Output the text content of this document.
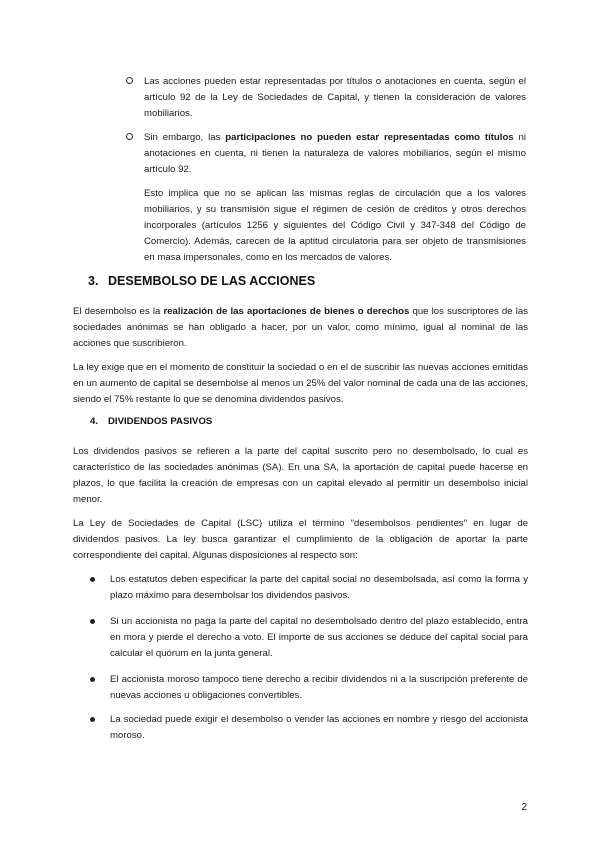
Las acciones pueden estar representadas por títulos o anotaciones en cuenta, según el artículo 92 de la Ley de Sociedades de Capital, y tienen la consideración de valores mobiliarios.

Sin embargo, las participaciones no pueden estar representadas como títulos ni anotaciones en cuenta, ni tienen la naturaleza de valores mobiliarios, según el mismo artículo 92.

Esto implica que no se aplican las mismas reglas de circulación que a los valores mobiliarios, y su transmisión sigue el régimen de cesión de créditos y otros derechos incorporales (artículos 1256 y siguientes del Código Civil y 347-348 del Código de Comercio). Además, carecen de la aptitud circulatoria para ser objeto de transmisiones en masa impersonales, como en los mercados de valores.

3. DESEMBOLSO DE LAS ACCIONES

El desembolso es la realización de las aportaciones de bienes o derechos que los suscriptores de las sociedades anónimas se han obligado a hacer, por un valor, como mínimo, igual al nominal de las acciones que suscribieron.

La ley exige que en el momento de constituir la sociedad o en el de suscribir las nuevas acciones emitidas en un aumento de capital se desembolse al menos un 25% del valor nominal de cada una de las acciones, siendo el 75% restante lo que se denomina dividendos pasivos.

4. DIVIDENDOS PASIVOS

Los dividendos pasivos se refieren a la parte del capital suscrito pero no desembolsado, lo cual es característico de las sociedades anónimas (SA). En una SA, la aportación de capital puede hacerse en plazos, lo que facilita la creación de empresas con un capital elevado al permitir un desembolso inicial menor.

La Ley de Sociedades de Capital (LSC) utiliza el término "desembolsos pendientes" en lugar de dividendos pasivos. La ley busca garantizar el cumplimiento de la obligación de aportar la parte correspondiente del capital. Algunas disposiciones al respecto son:

Los estatutos deben especificar la parte del capital social no desembolsada, así como la forma y plazo máximo para desembolsar los dividendos pasivos.

Si un accionista no paga la parte del capital no desembolsado dentro del plazo establecido, entra en mora y pierde el derecho a voto. El importe de sus acciones se deduce del capital social para calcular el quórum en la junta general.

El accionista moroso tampoco tiene derecho a recibir dividendos ni a la suscripción preferente de nuevas acciones u obligaciones convertibles.

La sociedad puede exigir el desembolso o vender las acciones en nombre y riesgo del accionista moroso.

2
